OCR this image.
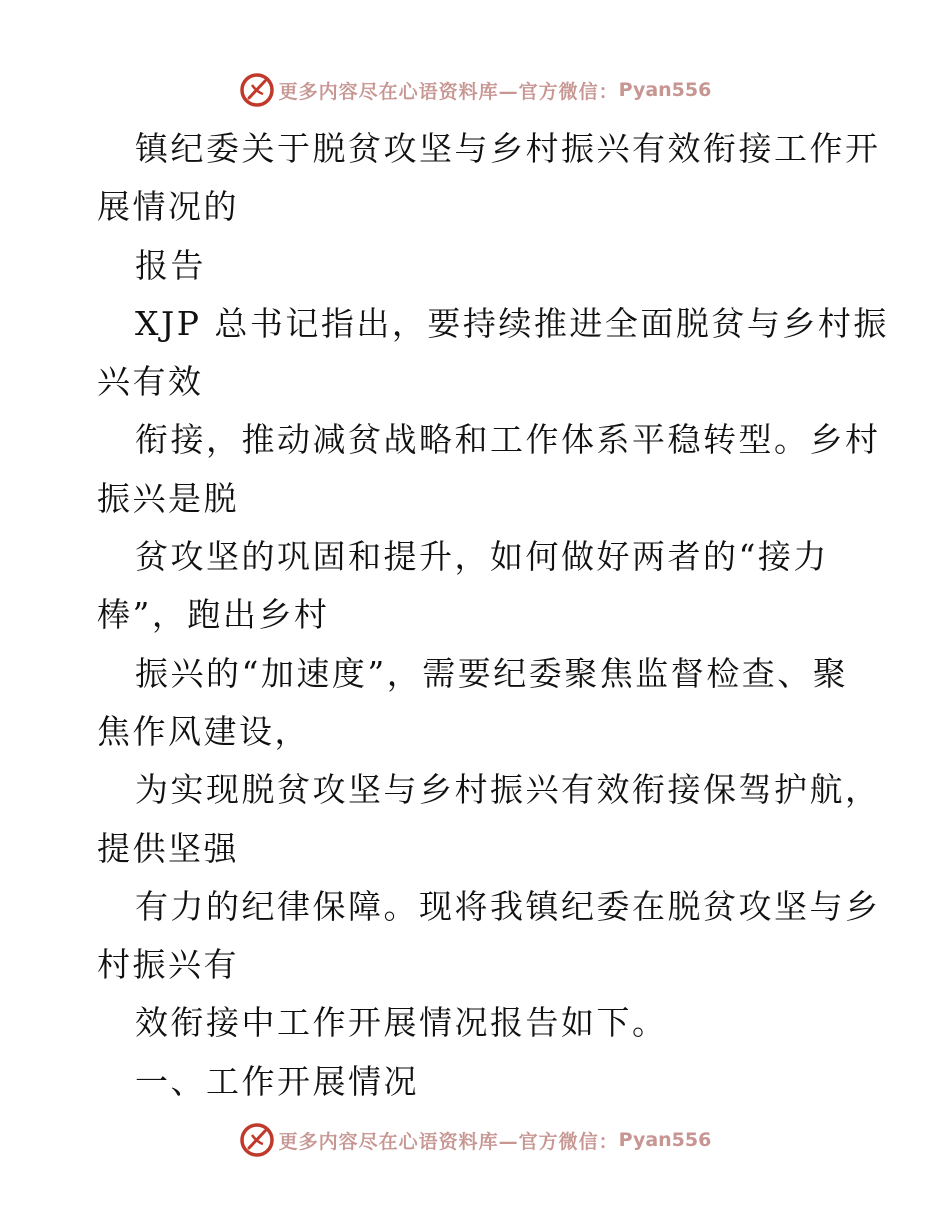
更多内容尽在心语资料库—官方微信： Pyan556
镇纪委关于脱贫攻坚与乡村振兴有效衔接工作开
展情况的
报告
XJP 总书记指出，要持续推进全面脱贫与乡村振
兴有效
衔接，推动减贫战略和工作体系平稳转型。乡村
振兴是脱
贫攻坚的巩固和提升，如何做好两者的“接力
棒”，跑出乡村
振兴的“加速度”，需要纪委聚焦监督检查、聚
焦作风建设，
为实现脱贫攻坚与乡村振兴有效衔接保驾护航，
提供坚强
有力的纪律保障。现将我镇纪委在脱贫攻坚与乡
村振兴有
效衔接中工作开展情况报告如下。
一、工作开展情况
更多内容尽在心语资料库—官方微信： Pyan556
